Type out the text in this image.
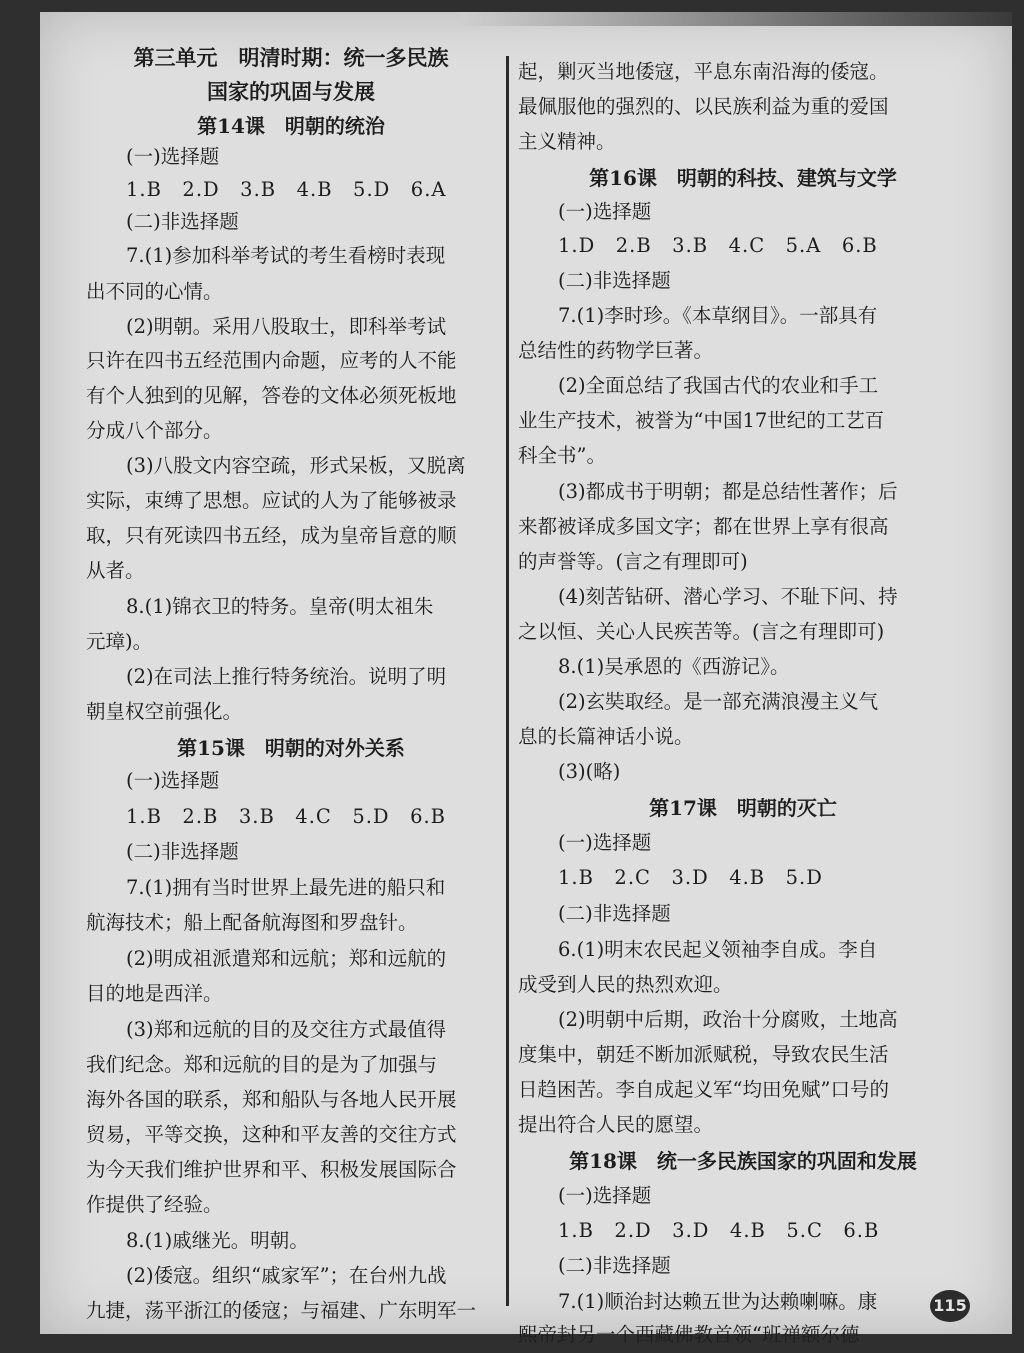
第三单元　明清时期：统一多民族
国家的巩固与发展
第14课　明朝的统治
(一)选择题
1.B　2.D　3.B　4.B　5.D　6.A
(二)非选择题
7.(1)参加科举考试的考生看榜时表现
出不同的心情。
(2)明朝。采用八股取士，即科举考试
只许在四书五经范围内命题，应考的人不能
有个人独到的见解，答卷的文体必须死板地
分成八个部分。
(3)八股文内容空疏，形式呆板，又脱离
实际，束缚了思想。应试的人为了能够被录
取，只有死读四书五经，成为皇帝旨意的顺
从者。
8.(1)锦衣卫的特务。皇帝(明太祖朱
元璋)。
(2)在司法上推行特务统治。说明了明
朝皇权空前强化。
第15课　明朝的对外关系
(一)选择题
1.B　2.B　3.B　4.C　5.D　6.B
(二)非选择题
7.(1)拥有当时世界上最先进的船只和
航海技术；船上配备航海图和罗盘针。
(2)明成祖派遣郑和远航；郑和远航的
目的地是西洋。
(3)郑和远航的目的及交往方式最值得
我们纪念。郑和远航的目的是为了加强与
海外各国的联系，郑和船队与各地人民开展
贸易，平等交换，这种和平友善的交往方式
为今天我们维护世界和平、积极发展国际合
作提供了经验。
8.(1)戚继光。明朝。
(2)倭寇。组织“戚家军”；在台州九战
九捷，荡平浙江的倭寇；与福建、广东明军一
起，剿灭当地倭寇，平息东南沿海的倭寇。
最佩服他的强烈的、以民族利益为重的爱国
主义精神。
第16课　明朝的科技、建筑与文学
(一)选择题
1.D　2.B　3.B　4.C　5.A　6.B
(二)非选择题
7.(1)李时珍。《本草纲目》。一部具有
总结性的药物学巨著。
(2)全面总结了我国古代的农业和手工
业生产技术，被誉为“中国17世纪的工艺百
科全书”。
(3)都成书于明朝；都是总结性著作；后
来都被译成多国文字；都在世界上享有很高
的声誉等。(言之有理即可)
(4)刻苦钻研、潜心学习、不耻下问、持
之以恒、关心人民疾苦等。(言之有理即可)
8.(1)吴承恩的《西游记》。
(2)玄奘取经。是一部充满浪漫主义气
息的长篇神话小说。
(3)(略)
第17课　明朝的灭亡
(一)选择题
1.B　2.C　3.D　4.B　5.D
(二)非选择题
6.(1)明末农民起义领袖李自成。李自
成受到人民的热烈欢迎。
(2)明朝中后期，政治十分腐败，土地高
度集中，朝廷不断加派赋税，导致农民生活
日趋困苦。李自成起义军“均田免赋”口号的
提出符合人民的愿望。
第18课　统一多民族国家的巩固和发展
(一)选择题
1.B　2.D　3.D　4.B　5.C　6.B
(二)非选择题
7.(1)顺治封达赖五世为达赖喇嘛。康
熙帝封另一个西藏佛教首领“班禅额尔德
115
